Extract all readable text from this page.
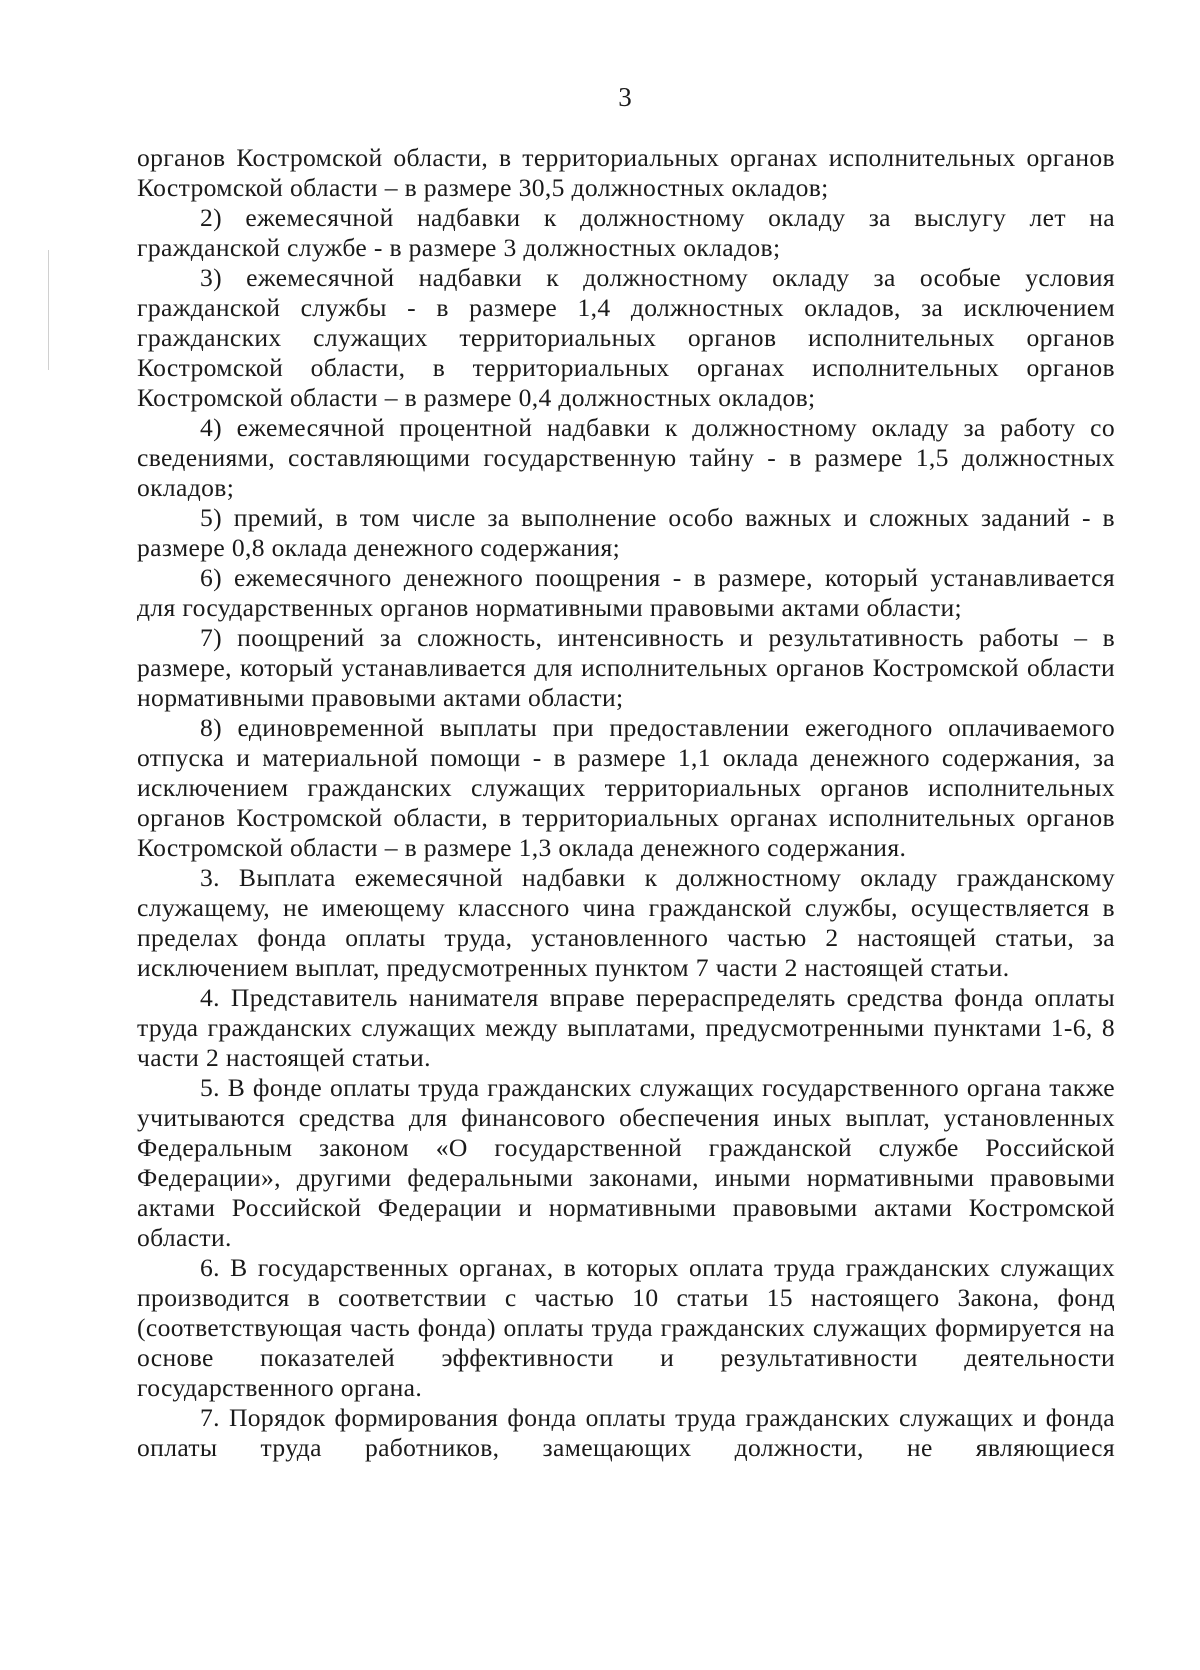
3

органов Костромской области, в территориальных органах исполнительных органов Костромской области – в размере 30,5 должностных окладов;

2) ежемесячной надбавки к должностному окладу за выслугу лет на гражданской службе - в размере 3 должностных окладов;

3) ежемесячной надбавки к должностному окладу за особые условия гражданской службы - в размере 1,4 должностных окладов, за исключением гражданских служащих территориальных органов исполнительных органов Костромской области, в территориальных органах исполнительных органов Костромской области – в размере 0,4 должностных окладов;

4) ежемесячной процентной надбавки к должностному окладу за работу со сведениями, составляющими государственную тайну - в размере 1,5 должностных окладов;

5) премий, в том числе за выполнение особо важных и сложных заданий - в размере 0,8 оклада денежного содержания;

6) ежемесячного денежного поощрения - в размере, который устанавливается для государственных органов нормативными правовыми актами области;

7) поощрений за сложность, интенсивность и результативность работы – в размере, который устанавливается для исполнительных органов Костромской области нормативными правовыми актами области;

8) единовременной выплаты при предоставлении ежегодного оплачиваемого отпуска и материальной помощи - в размере 1,1 оклада денежного содержания, за исключением гражданских служащих территориальных органов исполнительных органов Костромской области, в территориальных органах исполнительных органов Костромской области – в размере 1,3 оклада денежного содержания.

3. Выплата ежемесячной надбавки к должностному окладу гражданскому служащему, не имеющему классного чина гражданской службы, осуществляется в пределах фонда оплаты труда, установленного частью 2 настоящей статьи, за исключением выплат, предусмотренных пунктом 7 части 2 настоящей статьи.

4. Представитель нанимателя вправе перераспределять средства фонда оплаты труда гражданских служащих между выплатами, предусмотренными пунктами 1-6, 8 части 2 настоящей статьи.

5. В фонде оплаты труда гражданских служащих государственного органа также учитываются средства для финансового обеспечения иных выплат, установленных Федеральным законом «О государственной гражданской службе Российской Федерации», другими федеральными законами, иными нормативными правовыми актами Российской Федерации и нормативными правовыми актами Костромской области.

6. В государственных органах, в которых оплата труда гражданских служащих производится в соответствии с частью 10 статьи 15 настоящего Закона, фонд (соответствующая часть фонда) оплаты труда гражданских служащих формируется на основе показателей эффективности и результативности деятельности государственного органа.

7. Порядок формирования фонда оплаты труда гражданских служащих и фонда оплаты труда работников, замещающих должности, не являющиеся
